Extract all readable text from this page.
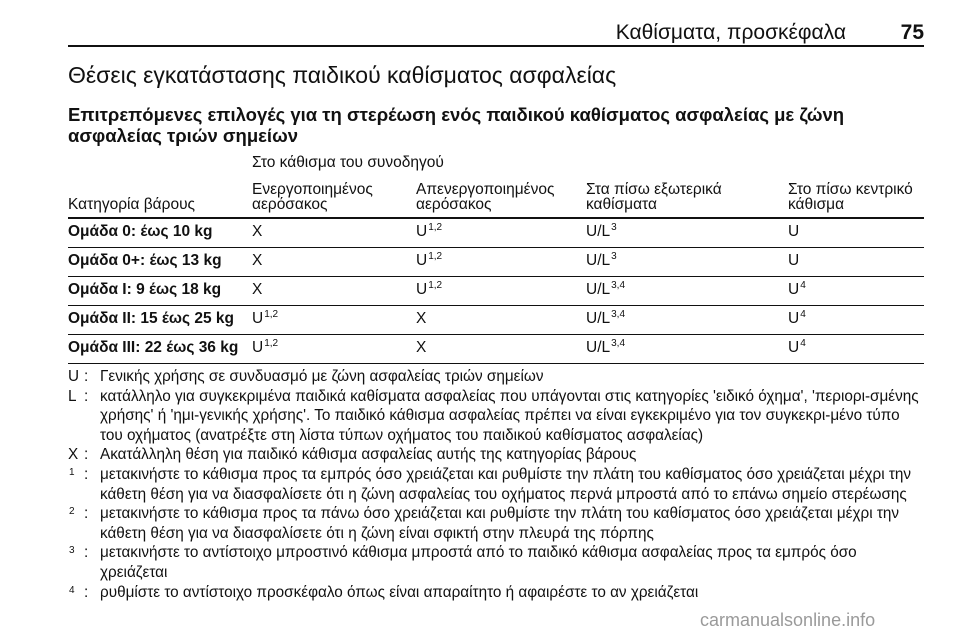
Καθίσματα, προσκέφαλα	75
Θέσεις εγκατάστασης παιδικού καθίσματος ασφαλείας
Επιτρεπόμενες επιλογές για τη στερέωση ενός παιδικού καθίσματος ασφαλείας με ζώνη ασφαλείας τριών σημείων
Στο κάθισμα του συνοδηγού
Κατηγορία βάρους	Ενεργοποιημένος αερόσακος	Απενεργοποιημένος αερόσακος	Στα πίσω εξωτερικά καθίσματα	Στο πίσω κεντρικό κάθισμα
Ομάδα 0: έως 10 kg	X	U$^{1,2}$	$U/L^3$	U
Ομάδα 0+: έως 13 kg	X	U$^{1,2}$	$U/L^3$	U
Ομάδα I: 9 έως 18 kg	X	U$^{1,2}$	$U/L^{3,4}$	$U^4$
Ομάδα II: 15 έως 25 kg	U$^{1,2}$	X	$U/L^{3,4}$	$U^4$
Ομάδα III: 22 έως 36 kg	U$^{1,2}$	X	$U/L^{3,4}$	$U^4$
U : Γενικής χρήσης σε συνδυασμό με ζώνη ασφαλείας τριών σημείων
L : κατάλληλο για συγκεκριμένα παιδικά καθίσματα ασφαλείας που υπάγονται στις κατηγορίες 'ειδικό όχημα', 'περιορι-σμένης χρήσης' ή 'ημι-γενικής χρήσης'. Το παιδικό κάθισμα ασφαλείας πρέπει να είναι εγκεκριμένο για τον συγκεκρι-μένο τύπο του οχήματος (ανατρέξτε στη λίστα τύπων οχήματος του παιδικού καθίσματος ασφαλείας)
X : Ακατάλληλη θέση για παιδικό κάθισμα ασφαλείας αυτής της κατηγορίας βάρους
$^1$ : μετακινήστε το κάθισμα προς τα εμπρός όσο χρειάζεται και ρυθμίστε την πλάτη του καθίσματος όσο χρειάζεται μέχρι την κάθετη θέση για να διασφαλίσετε ότι η ζώνη ασφαλείας του οχήματος περνά μπροστά από το επάνω σημείο στερέωσης
$^2$ : μετακινήστε το κάθισμα προς τα πάνω όσο χρειάζεται και ρυθμίστε την πλάτη του καθίσματος όσο χρειάζεται μέχρι την κάθετη θέση για να διασφαλίσετε ότι η ζώνη είναι σφικτή στην πλευρά της πόρπης
$^3$ : μετακινήστε το αντίστοιχο μπροστινό κάθισμα μπροστά από το παιδικό κάθισμα ασφαλείας προς τα εμπρός όσο χρειάζεται
$^4$ : ρυθμίστε το αντίστοιχο προσκέφαλο όπως είναι απαραίτητο ή αφαιρέστε το αν χρειάζεται
carmanualsonline.info
